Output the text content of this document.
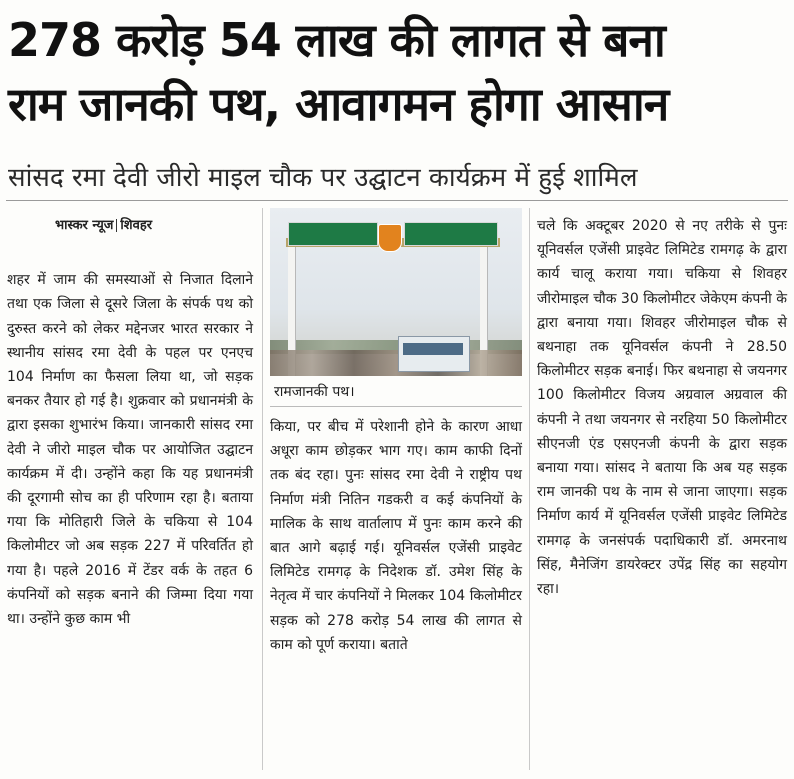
278 करोड़ 54 लाख की लागत से बना
राम जानकी पथ, आवागमन होगा आसान
सांसद रमा देवी जीरो माइल चौक पर उद्घाटन कार्यक्रम में हुई शामिल
भास्कर न्यूज शिवहर

शहर में जाम की समस्याओं से निजात दिलाने तथा एक जिला से दूसरे जिला के संपर्क पथ को दुरुस्त करने को लेकर मद्देनजर भारत सरकार ने स्थानीय सांसद रमा देवी के पहल पर एनएच 104 निर्माण का फैसला लिया था, जो सड़क बनकर तैयार हो गई है। शुक्रवार को प्रधानमंत्री के द्वारा इसका शुभारंभ किया। जानकारी सांसद रमा देवी ने जीरो माइल चौक पर आयोजित उद्घाटन कार्यक्रम में दी। उन्होंने कहा कि यह प्रधानमंत्री की दूरगामी सोच का ही परिणाम रहा है। बताया गया कि मोतिहारी जिले के चकिया से 104 किलोमीटर जो अब सड़क 227 में परिवर्तित हो गया है। पहले 2016 में टेंडर वर्क के तहत 6 कंपनियों को सड़क बनाने की जिम्मा दिया गया था। उन्होंने कुछ काम भी

रामजानकी पथ।

किया, पर बीच में परेशानी होने के कारण आधा अधूरा काम छोड़कर भाग गए। काम काफी दिनों तक बंद रहा। पुनः सांसद रमा देवी ने राष्ट्रीय पथ निर्माण मंत्री नितिन गडकरी व कई कंपनियों के मालिक के साथ वार्तालाप में पुनः काम करने की बात आगे बढ़ाई गई। यूनिवर्सल एजेंसी प्राइवेट लिमिटेड रामगढ़ के निदेशक डॉ. उमेश सिंह के नेतृत्व में चार कंपनियों ने मिलकर 104 किलोमीटर सड़क को 278 करोड़ 54 लाख की लागत से काम को पूर्ण कराया। बताते

चले कि अक्टूबर 2020 से नए तरीके से पुनः यूनिवर्सल एजेंसी प्राइवेट लिमिटेड रामगढ़ के द्वारा कार्य चालू कराया गया। चकिया से शिवहर जीरोमाइल चौक 30 किलोमीटर जेकेएम कंपनी के द्वारा बनाया गया। शिवहर जीरोमाइल चौक से बथनाहा तक यूनिवर्सल कंपनी ने 28.50 किलोमीटर सड़क बनाई। फिर बथनाहा से जयनगर 100 किलोमीटर विजय अग्रवाल अग्रवाल की कंपनी ने तथा जयनगर से नरहिया 50 किलोमीटर सीएनजी एंड एसएनजी कंपनी के द्वारा सड़क बनाया गया। सांसद ने बताया कि अब यह सड़क राम जानकी पथ के नाम से जाना जाएगा। सड़क निर्माण कार्य में यूनिवर्सल एजेंसी प्राइवेट लिमिटेड रामगढ़ के जनसंपर्क पदाधिकारी डॉ. अमरनाथ सिंह, मैनेजिंग डायरेक्टर उपेंद्र सिंह का सहयोग रहा।
